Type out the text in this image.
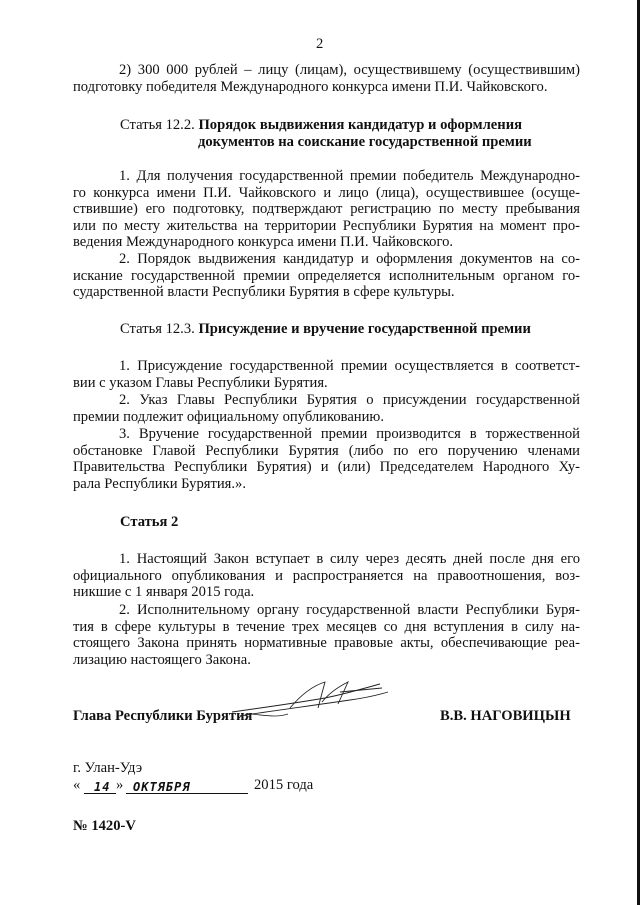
2
2) 300 000 рублей – лицу (лицам), осуществившему (осуществившим)
подготовку победителя Международного конкурса имени П.И. Чайковского.
Статья 12.2. Порядок выдвижения кандидатур и оформления
документов на соискание государственной премии
1. Для получения государственной премии победитель Международно-
го конкурса имени П.И. Чайковского и лицо (лица), осуществившее (осуще-
ствившие) его подготовку, подтверждают регистрацию по месту пребывания
или по месту жительства на территории Республики Бурятия на момент про-
ведения Международного конкурса имени П.И. Чайковского.
2. Порядок выдвижения кандидатур и оформления документов на со-
искание государственной премии определяется исполнительным органом го-
сударственной власти Республики Бурятия в сфере культуры.
Статья 12.3. Присуждение и вручение государственной премии
1. Присуждение государственной премии осуществляется в соответст-
вии с указом Главы Республики Бурятия.
2. Указ Главы Республики Бурятия о присуждении государственной
премии подлежит официальному опубликованию.
3. Вручение государственной премии производится в торжественной
обстановке Главой Республики Бурятия (либо по его поручению членами
Правительства Республики Бурятия) и (или) Председателем Народного Ху-
рала Республики Бурятия.».
Статья 2
1. Настоящий Закон вступает в силу через десять дней после дня его
официального опубликования и распространяется на правоотношения, воз-
никшие с 1 января 2015 года.
2. Исполнительному органу государственной власти Республики Буря-
тия в сфере культуры в течение трех месяцев со дня вступления в силу на-
стоящего Закона принять нормативные правовые акты, обеспечивающие реа-
лизацию настоящего Закона.
Глава Республики Бурятия	В.В. НАГОВИЦЫН
г. Улан-Удэ
« 14 » ОКТЯБРЯ	2015 года
№ 1420-V
